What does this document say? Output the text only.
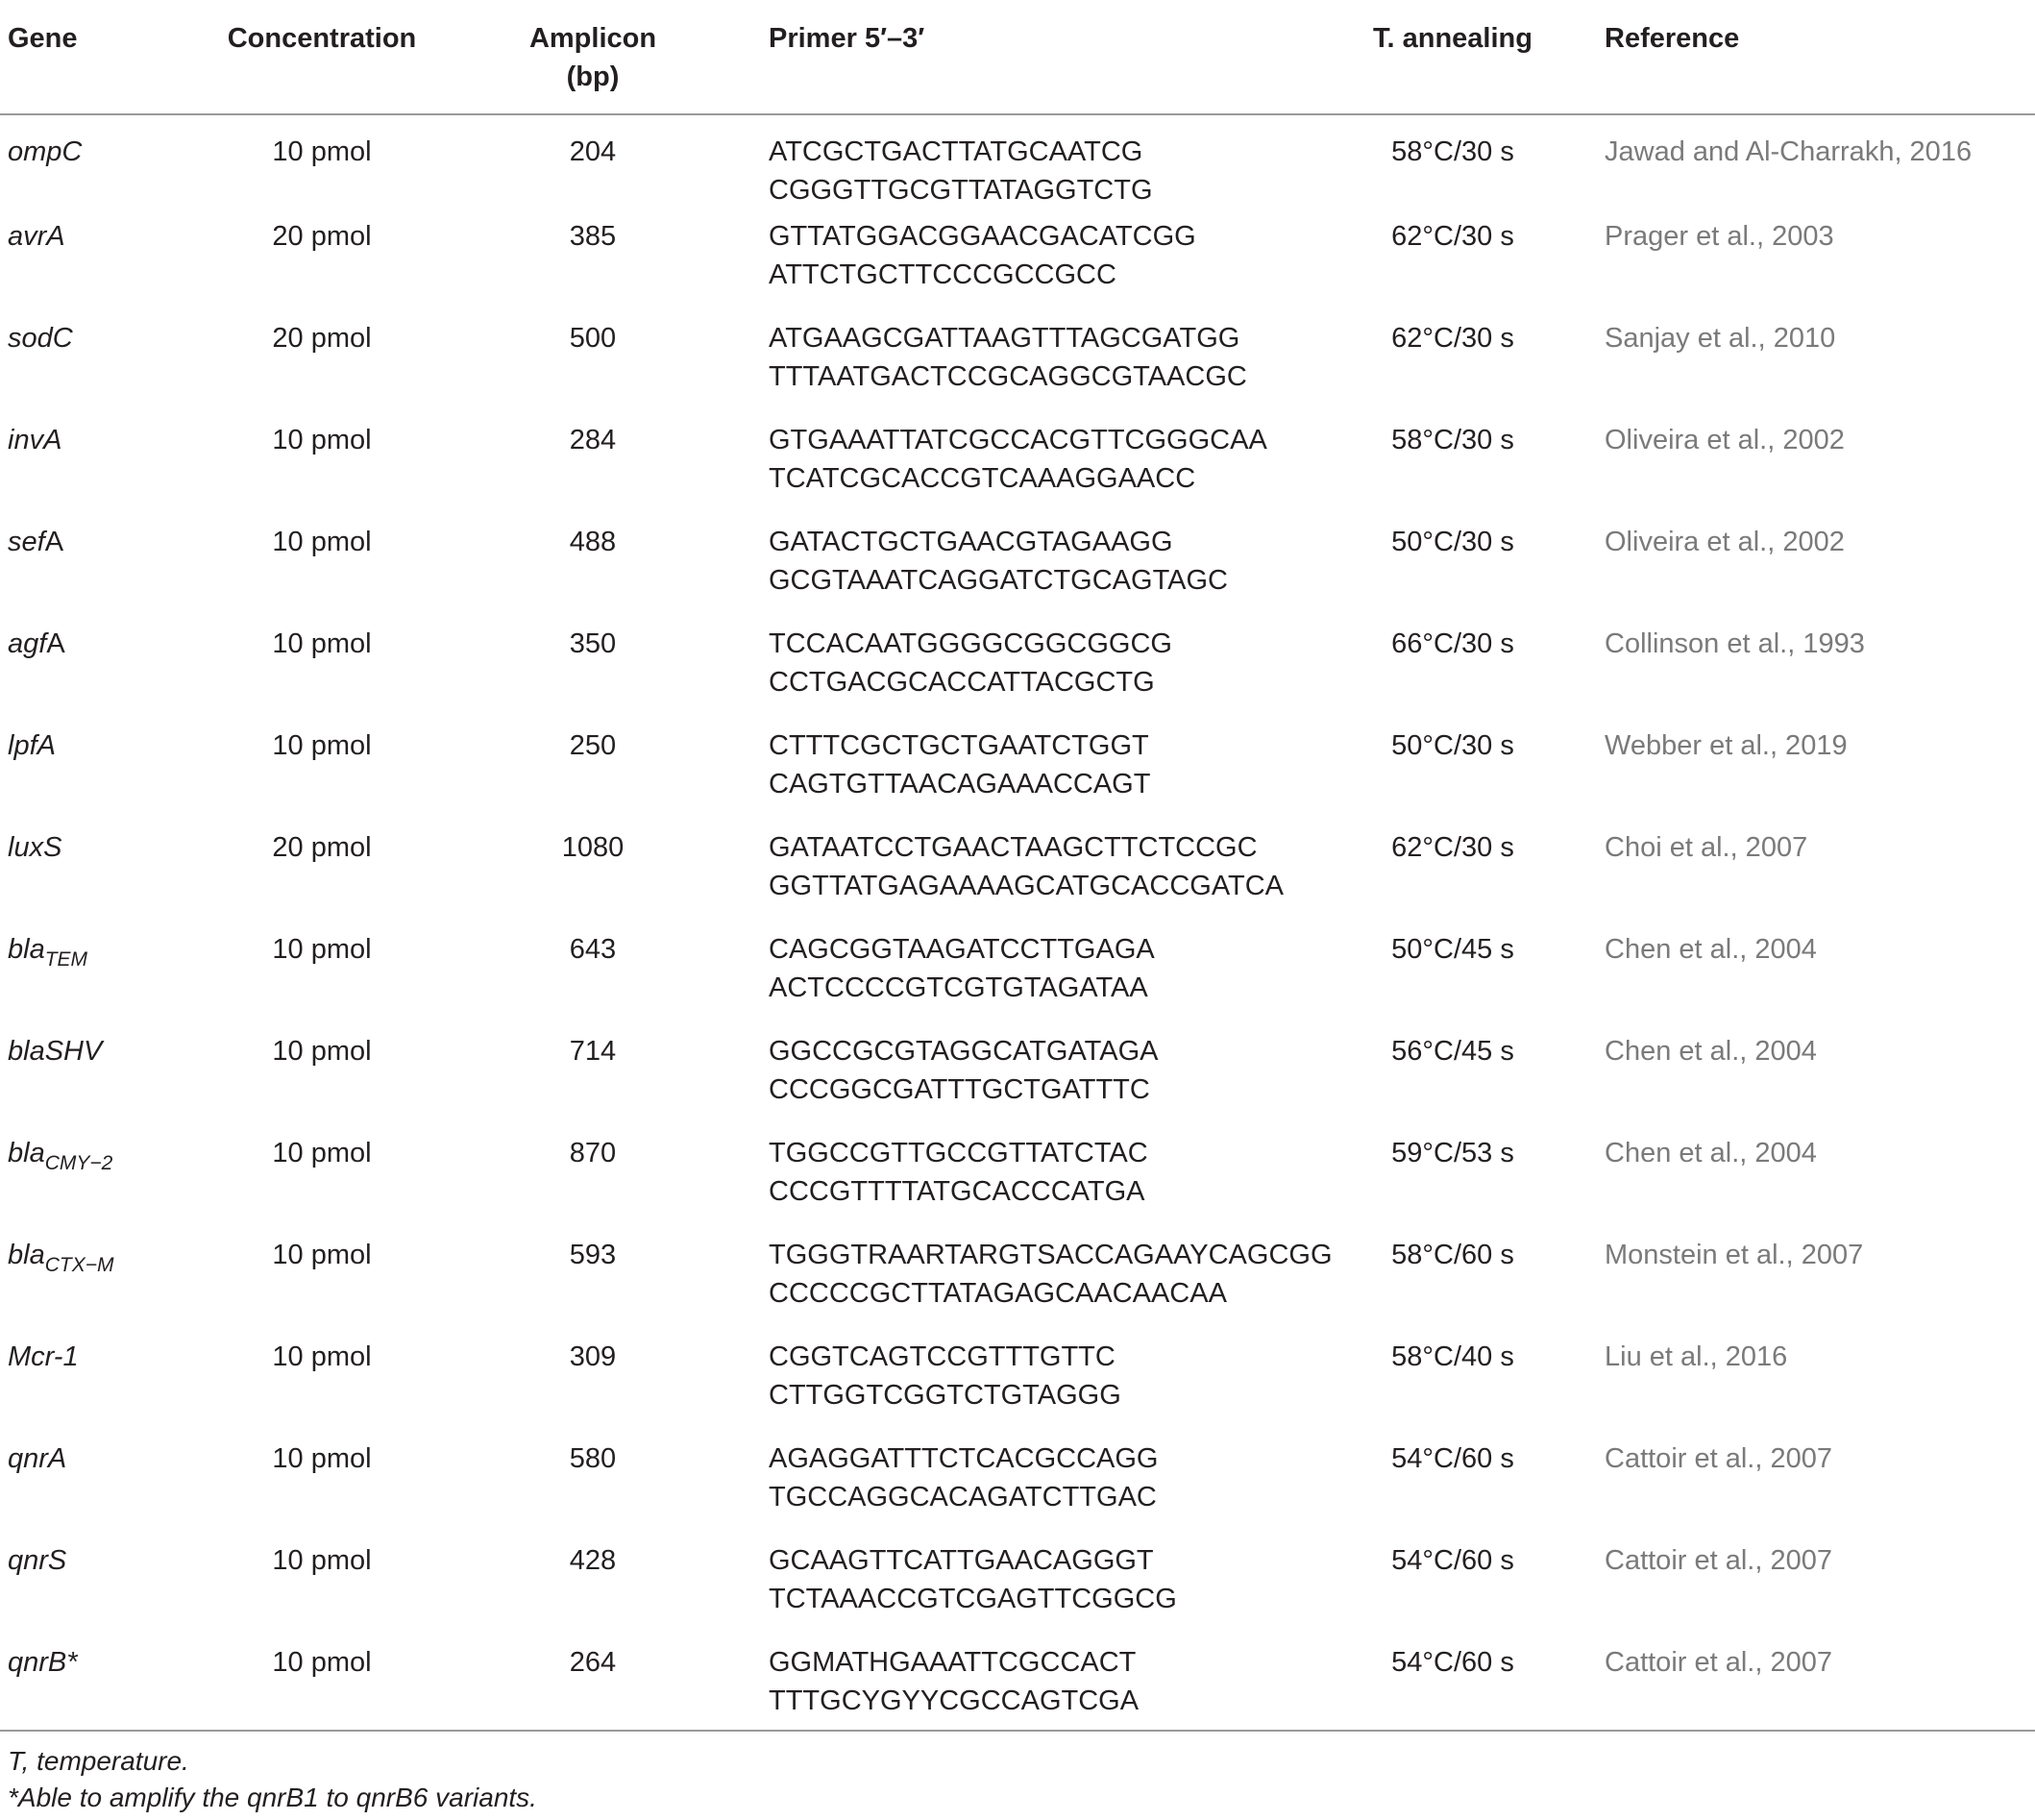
Gene	Concentration	Amplicon
(bp)	Primer 5′–3′	T. annealing	Reference
ompC	10 pmol	204	ATCGCTGACTTATGCAATCG
CGGGTTGCGTTATAGGTCTG	58°C/30 s	Jawad and Al-Charrakh, 2016
avrA	20 pmol	385	GTTATGGACGGAACGACATCGG
ATTCTGCTTCCCGCCGCC	62°C/30 s	Prager et al., 2003
sodC	20 pmol	500	ATGAAGCGATTAAGTTTAGCGATGG
TTTAATGACTCCGCAGGCGTAACGC	62°C/30 s	Sanjay et al., 2010
invA	10 pmol	284	GTGAAATTATCGCCACGTTCGGGCAA
TCATCGCACCGTCAAAGGAACC	58°C/30 s	Oliveira et al., 2002
sefA	10 pmol	488	GATACTGCTGAACGTAGAAGG
GCGTAAATCAGGATCTGCAGTAGC	50°C/30 s	Oliveira et al., 2002
agfA	10 pmol	350	TCCACAATGGGGCGGCGGCG
CCTGACGCACCATTACGCTG	66°C/30 s	Collinson et al., 1993
lpfA	10 pmol	250	CTTTCGCTGCTGAATCTGGT
CAGTGTTAACAGAAACCAGT	50°C/30 s	Webber et al., 2019
luxS	20 pmol	1080	GATAATCCTGAACTAAGCTTCTCCGC
GGTTATGAGAAAAGCATGCACCGATCA	62°C/30 s	Choi et al., 2007
bla$_{TEM}$	10 pmol	643	CAGCGGTAAGATCCTTGAGA
ACTCCCCGTCGTGTAGATAA	50°C/45 s	Chen et al., 2004
blaSHV	10 pmol	714	GGCCGCGTAGGCATGATAGA
CCCGGCGATTTGCTGATTTC	56°C/45 s	Chen et al., 2004
bla$_{CMY-2}$	10 pmol	870	TGGCCGTTGCCGTTATCTAC
CCCGTTTTATGCACCCATGA	59°C/53 s	Chen et al., 2004
bla$_{CTX-M}$	10 pmol	593	TGGGTRAARTARGTSACCAGAAYCAGCGG
CCCCCGCTTATAGAGCAACAACAA	58°C/60 s	Monstein et al., 2007
Mcr-1	10 pmol	309	CGGTCAGTCCGTTTGTTC
CTTGGTCGGTCTGTAGGG	58°C/40 s	Liu et al., 2016
qnrA	10 pmol	580	AGAGGATTTCTCACGCCAGG
TGCCAGGCACAGATCTTGAC	54°C/60 s	Cattoir et al., 2007
qnrS	10 pmol	428	GCAAGTTCATTGAACAGGGT
TCTAAACCGTCGAGTTCGGCG	54°C/60 s	Cattoir et al., 2007
qnrB*	10 pmol	264	GGMATHGAAATTCGCCACT
TTTGCYGYYCGCCAGTCGA	54°C/60 s	Cattoir et al., 2007
T, temperature.
*Able to amplify the qnrB1 to qnrB6 variants.
